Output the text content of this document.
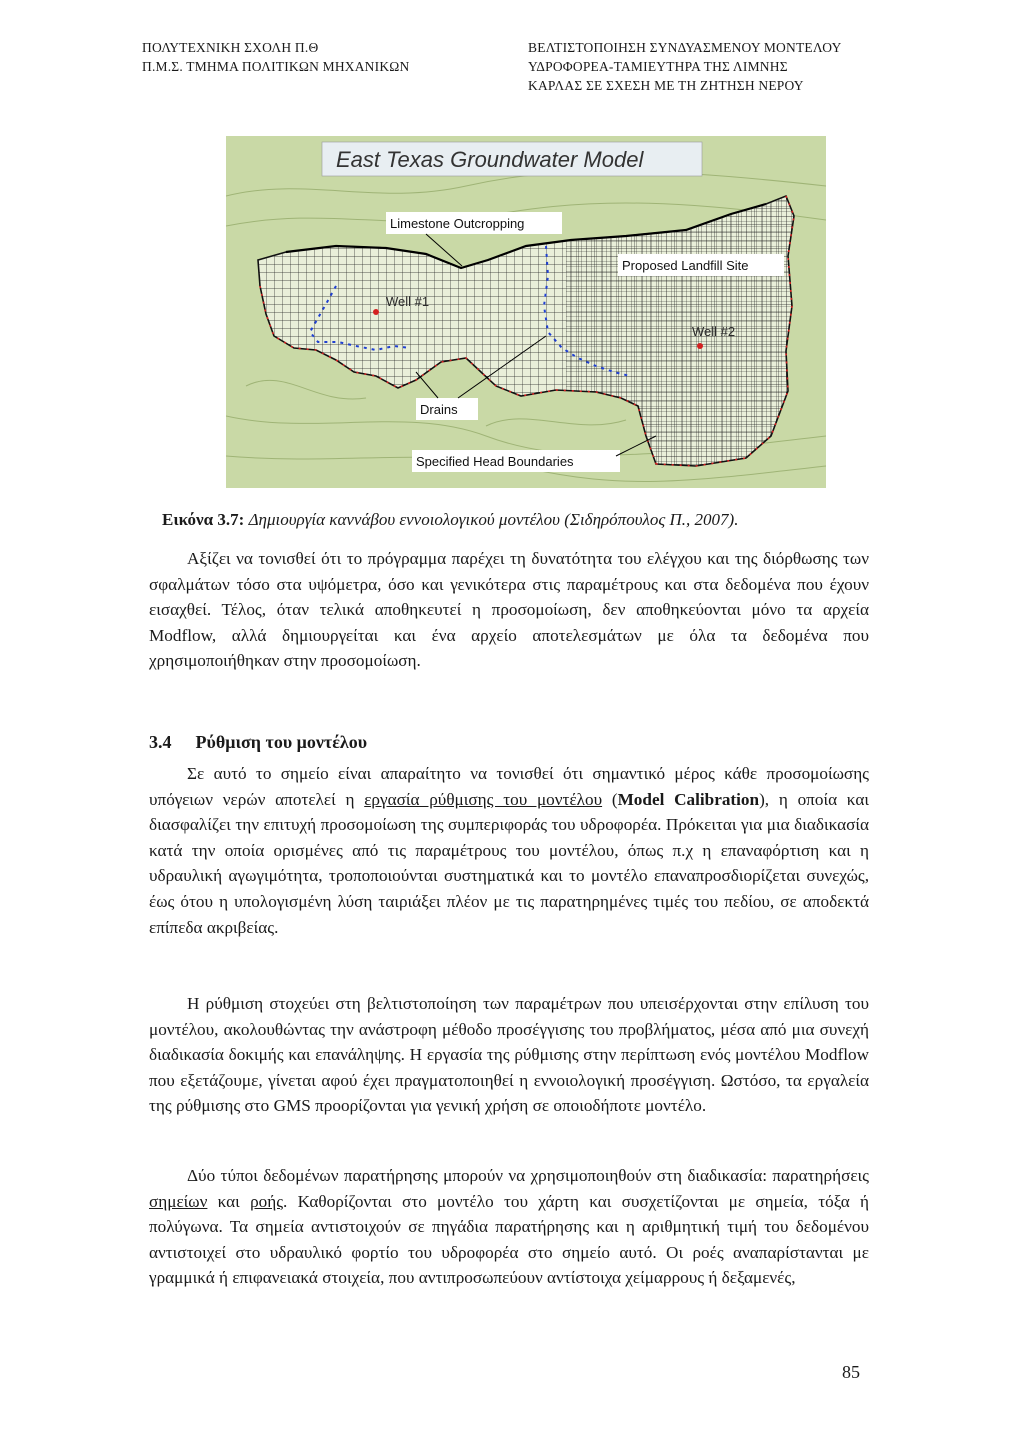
ΠΟΛΥΤΕΧΝΙΚΗ ΣΧΟΛΗ Π.Θ
Π.Μ.Σ. ΤΜΗΜΑ ΠΟΛΙΤΙΚΩΝ ΜΗΧΑΝΙΚΩΝ
ΒΕΛΤΙΣΤΟΠΟΙΗΣΗ ΣΥΝΔΥΑΣΜΕΝΟΥ ΜΟΝΤΕΛΟΥ
ΥΔΡΟΦΟΡΕΑ-ΤΑΜΙΕΥΤΗΡΑ ΤΗΣ ΛΙΜΝΗΣ
ΚΑΡΛΑΣ ΣΕ ΣΧΕΣΗ ΜΕ ΤΗ ΖΗΤΗΣΗ ΝΕΡΟΥ
East Texas Groundwater Model
Limestone Outcropping
Proposed Landfill Site
Well #1
Well #2
Drains
Specified Head Boundaries
Εικόνα 3.7: Δημιουργία καννάβου εννοιολογικού μοντέλου (Σιδηρόπουλος Π., 2007).

Αξίζει να τονισθεί ότι το πρόγραμμα παρέχει τη δυνατότητα του ελέγχου και της διόρθωσης των σφαλμάτων τόσο στα υψόμετρα, όσο και γενικότερα στις παραμέτρους και στα δεδομένα που έχουν εισαχθεί. Τέλος, όταν τελικά αποθηκευτεί η προσομοίωση, δεν αποθηκεύονται μόνο τα αρχεία Modflow, αλλά δημιουργείται και ένα αρχείο αποτελεσμάτων με όλα τα δεδομένα που χρησιμοποιήθηκαν στην προσομοίωση.

3.4 Ρύθμιση του μοντέλου

Σε αυτό το σημείο είναι απαραίτητο να τονισθεί ότι σημαντικό μέρος κάθε προσομοίωσης υπόγειων νερών αποτελεί η εργασία ρύθμισης του μοντέλου (Model Calibration), η οποία και διασφαλίζει την επιτυχή προσομοίωση της συμπεριφοράς του υδροφορέα. Πρόκειται για μια διαδικασία κατά την οποία ορισμένες από τις παραμέτρους του μοντέλου, όπως π.χ η επαναφόρτιση και η υδραυλική αγωγιμότητα, τροποποιούνται συστηματικά και το μοντέλο επαναπροσδιορίζεται συνεχώς, έως ότου η υπολογισμένη λύση ταιριάξει πλέον με τις παρατηρημένες τιμές του πεδίου, σε αποδεκτά επίπεδα ακριβείας.

Η ρύθμιση στοχεύει στη βελτιστοποίηση των παραμέτρων που υπεισέρχονται στην επίλυση του μοντέλου, ακολουθώντας την ανάστροφη μέθοδο προσέγγισης του προβλήματος, μέσα από μια συνεχή διαδικασία δοκιμής και επανάληψης. Η εργασία της ρύθμισης στην περίπτωση ενός μοντέλου Modflow που εξετάζουμε, γίνεται αφού έχει πραγματοποιηθεί η εννοιολογική προσέγγιση. Ωστόσο, τα εργαλεία της ρύθμισης στο GMS προορίζονται για γενική χρήση σε οποιοδήποτε μοντέλο.

Δύο τύποι δεδομένων παρατήρησης μπορούν να χρησιμοποιηθούν στη διαδικασία: παρατηρήσεις σημείων και ροής. Καθορίζονται στο μοντέλο του χάρτη και συσχετίζονται με σημεία, τόξα ή πολύγωνα. Τα σημεία αντιστοιχούν σε πηγάδια παρατήρησης και η αριθμητική τιμή του δεδομένου αντιστοιχεί στο υδραυλικό φορτίο του υδροφορέα στο σημείο αυτό. Οι ροές αναπαρίστανται με γραμμικά ή επιφανειακά στοιχεία, που αντιπροσωπεύουν αντίστοιχα χείμαρρους ή δεξαμενές,

85
